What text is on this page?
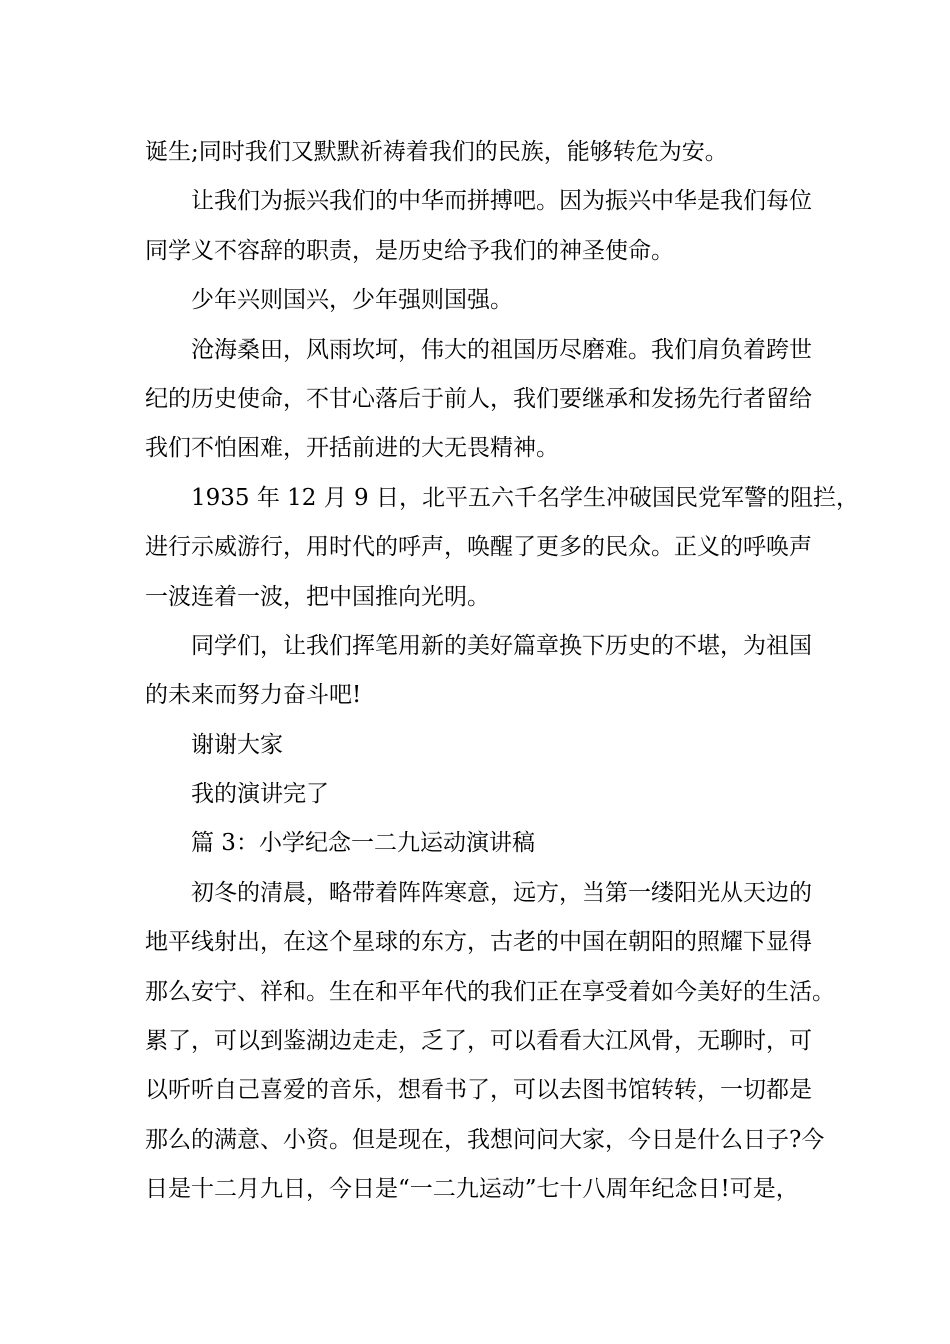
诞生;同时我们又默默祈祷着我们的民族，能够转危为安。
让我们为振兴我们的中华而拼搏吧。因为振兴中华是我们每位
同学义不容辞的职责，是历史给予我们的神圣使命。
少年兴则国兴，少年强则国强。
沧海桑田，风雨坎坷，伟大的祖国历尽磨难。我们肩负着跨世
纪的历史使命，不甘心落后于前人，我们要继承和发扬先行者留给
我们不怕困难，开括前进的大无畏精神。
1935 年 12 月 9 日，北平五六千名学生冲破国民党军警的阻拦，
进行示威游行，用时代的呼声，唤醒了更多的民众。正义的呼唤声
一波连着一波，把中国推向光明。
同学们，让我们挥笔用新的美好篇章换下历史的不堪，为祖国
的未来而努力奋斗吧!
谢谢大家
我的演讲完了
篇 3：小学纪念一二九运动演讲稿
初冬的清晨，略带着阵阵寒意，远方，当第一缕阳光从天边的
地平线射出，在这个星球的东方，古老的中国在朝阳的照耀下显得
那么安宁、祥和。生在和平年代的我们正在享受着如今美好的生活。
累了，可以到鉴湖边走走，乏了，可以看看大江风骨，无聊时，可
以听听自己喜爱的音乐，想看书了，可以去图书馆转转，一切都是
那么的满意、小资。但是现在，我想问问大家，今日是什么日子?今
日是十二月九日，今日是“一二九运动”七十八周年纪念日!可是，
